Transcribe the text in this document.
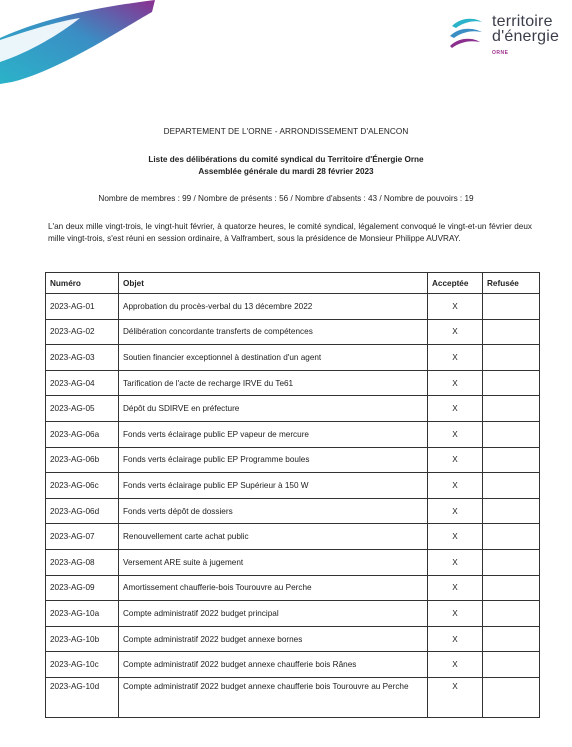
territoire
d'énergie
ORNE
DEPARTEMENT DE L'ORNE - ARRONDISSEMENT D'ALENCON
Liste des délibérations du comité syndical du Territoire d'Énergie Orne
Assemblée générale du mardi 28 février 2023
Nombre de membres : 99 / Nombre de présents : 56 / Nombre d'absents : 43 / Nombre de pouvoirs : 19
L'an deux mille vingt-trois, le vingt-huit février, à quatorze heures, le comité syndical, légalement convoqué le vingt-et-un février deux mille vingt-trois, s'est réuni en session ordinaire, à Valframbert, sous la présidence de Monsieur Philippe AUVRAY.
Numéro	Objet	Acceptée	Refusée
2023-AG-01	Approbation du procès-verbal du 13 décembre 2022	X	
2023-AG-02	Délibération concordante transferts de compétences	X	
2023-AG-03	Soutien financier exceptionnel à destination d'un agent	X	
2023-AG-04	Tarification de l'acte de recharge IRVE du Te61	X	
2023-AG-05	Dépôt du SDIRVE en préfecture	X	
2023-AG-06a	Fonds verts éclairage public EP vapeur de mercure	X	
2023-AG-06b	Fonds verts éclairage public EP Programme boules	X	
2023-AG-06c	Fonds verts éclairage public EP Supérieur à 150 W	X	
2023-AG-06d	Fonds verts dépôt de dossiers	X	
2023-AG-07	Renouvellement carte achat public	X	
2023-AG-08	Versement ARE suite à jugement	X	
2023-AG-09	Amortissement chaufferie-bois Tourouvre au Perche	X	
2023-AG-10a	Compte administratif 2022 budget principal	X	
2023-AG-10b	Compte administratif 2022 budget annexe bornes	X	
2023-AG-10c	Compte administratif 2022 budget annexe chaufferie bois Rânes	X	
2023-AG-10d	Compte administratif 2022 budget annexe chaufferie bois Tourouvre au Perche	X	
